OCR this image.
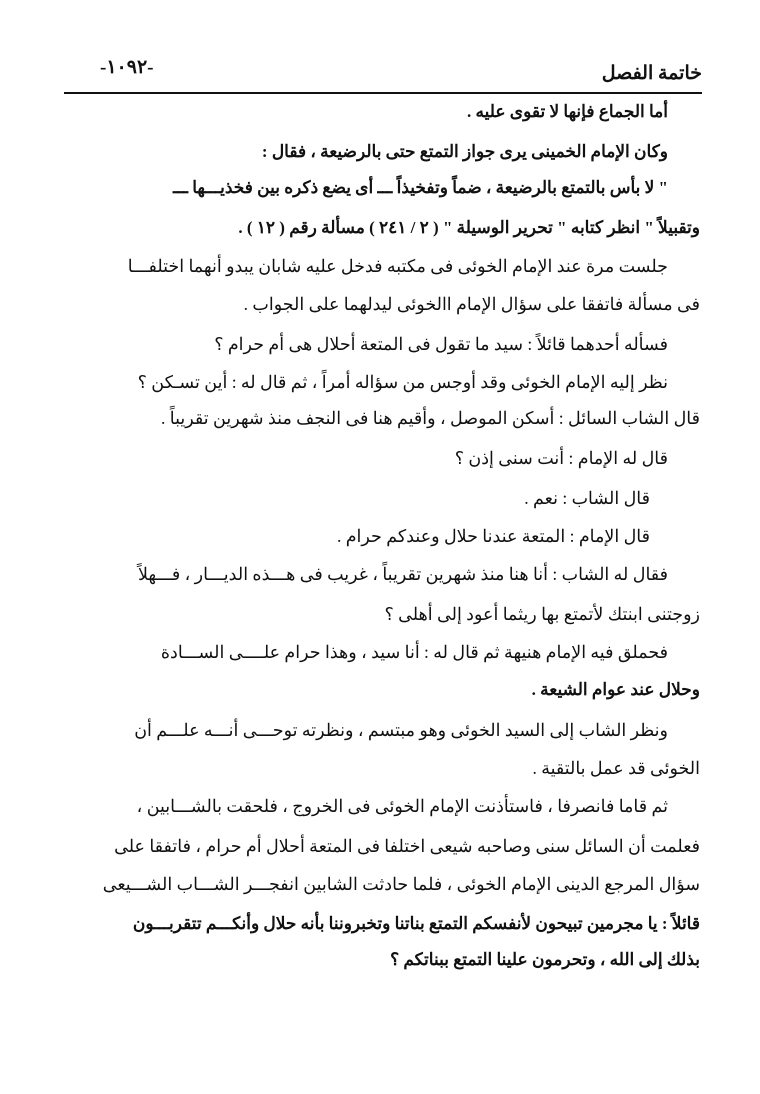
-١٠٩٢-	خاتمة الفصل
أما الجماع فإنها لا تقوى عليه .
وكان الإمام الخمينى يرى جواز التمتع حتى بالرضيعة ، فقال :
" لا بأس بالتمتع بالرضيعة ، ضماً وتفخيذاً ـــ أى يضع ذكره بين فخذيـــها ـــ
وتقبيلاً " انظر كتابه " تحرير الوسيلة " ( ٢ / ٢٤١ ) مسألة رقم ( ١٢ ) .
جلست مرة عند الإمام الخوئى فى مكتبه فدخل عليه شابان يبدو أنهما اختلفـــا
فى مسألة فاتفقا على سؤال الإمام االخوئى ليدلهما على الجواب .
فسأله أحدهما قائلاً : سيد ما تقول فى المتعة أحلال هى أم حرام ؟
نظر إليه الإمام الخوئى وقد أوجس من سؤاله أمراً ، ثم قال له : أين تسـكن ؟
قال الشاب السائل : أسكن الموصل ، وأقيم هنا فى النجف منذ شهرين تقريباً .
قال له الإمام : أنت سنى إذن ؟
قال الشاب : نعم .
قال الإمام : المتعة عندنا حلال وعندكم حرام .
فقال له الشاب : أنا هنا منذ شهرين تقريباً ، غريب فى هـــذه الديـــار ، فـــهلاً
زوجتنى ابنتك لأتمتع بها ريثما أعود إلى أهلى ؟
فحملق فيه الإمام هنيهة ثم قال له : أنا سيد ، وهذا حرام علــــى الســـادة
وحلال عند عوام الشيعة .
ونظر الشاب إلى السيد الخوئى وهو مبتسم ، ونظرته توحـــى أنـــه علـــم أن
الخوئى قد عمل بالتقية .
ثم قاما فانصرفا ، فاستأذنت الإمام الخوئى فى الخروج ، فلحقت بالشـــابين ،
فعلمت أن السائل سنى وصاحبه شيعى اختلفا فى المتعة أحلال أم حرام ، فاتفقا على
سؤال المرجع الدينى الإمام الخوئى ، فلما حادثت الشابين انفجـــر الشـــاب الشـــيعى
قائلاً : يا مجرمين تبيحون لأنفسكم التمتع بناتنا وتخبروننا بأنه حلال وأنكـــم تتقربـــون
بذلك إلى الله ، وتحرمون علينا التمتع ببناتكم ؟
